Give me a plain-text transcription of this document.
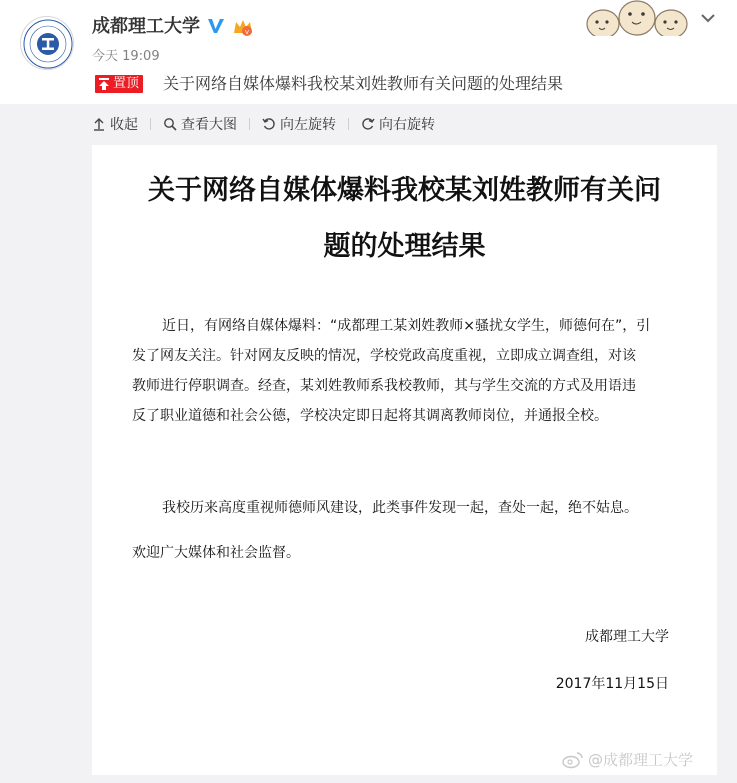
成都理工大学	v
今天 19:09
置顶 关于网络自媒体爆料我校某刘姓教师有关问题的处理结果
收起	查看大图	向左旋转	向右旋转
关于网络自媒体爆料我校某刘姓教师有关问
题的处理结果
近日，有网络自媒体爆料：“成都理工某刘姓教师×骚扰女学生，师德何在”，引
发了网友关注。针对网友反映的情况，学校党政高度重视，立即成立调查组，对该
教师进行停职调查。经查，某刘姓教师系我校教师，其与学生交流的方式及用语违
反了职业道德和社会公德，学校决定即日起将其调离教师岗位，并通报全校。
我校历来高度重视师德师风建设，此类事件发现一起，查处一起，绝不姑息。
欢迎广大媒体和社会监督。
成都理工大学
2017年11月15日
@成都理工大学
